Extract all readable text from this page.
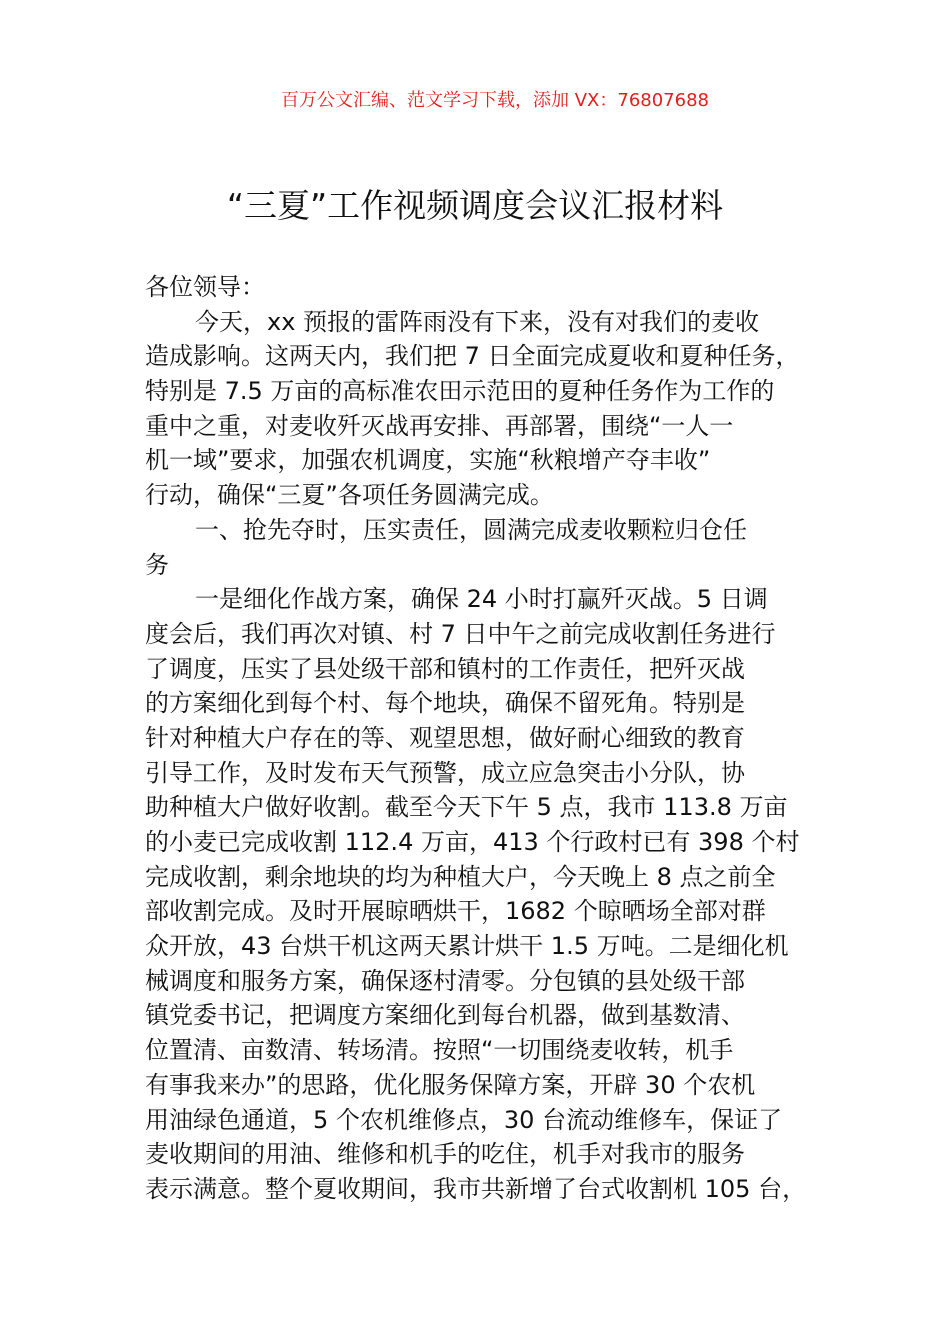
百万公文汇编、范文学习下载，添加 VX：76807688
“三夏”工作视频调度会议汇报材料
各位领导：
今天，xx 预报的雷阵雨没有下来，没有对我们的麦收
造成影响。这两天内，我们把 7 日全面完成夏收和夏种任务，
特别是 7.5 万亩的高标准农田示范田的夏种任务作为工作的
重中之重，对麦收歼灭战再安排、再部署，围绕“一人一
机一域”要求，加强农机调度，实施“秋粮增产夺丰收”
行动，确保“三夏”各项任务圆满完成。
一、抢先夺时，压实责任，圆满完成麦收颗粒归仓任
务
一是细化作战方案，确保 24 小时打赢歼灭战。5 日调
度会后，我们再次对镇、村 7 日中午之前完成收割任务进行
了调度，压实了县处级干部和镇村的工作责任，把歼灭战
的方案细化到每个村、每个地块，确保不留死角。特别是
针对种植大户存在的等、观望思想，做好耐心细致的教育
引导工作，及时发布天气预警，成立应急突击小分队，协
助种植大户做好收割。截至今天下午 5 点，我市 113.8 万亩
的小麦已完成收割 112.4 万亩，413 个行政村已有 398 个村
完成收割，剩余地块的均为种植大户，今天晚上 8 点之前全
部收割完成。及时开展晾晒烘干，1682 个晾晒场全部对群
众开放，43 台烘干机这两天累计烘干 1.5 万吨。二是细化机
械调度和服务方案，确保逐村清零。分包镇的县处级干部
镇党委书记，把调度方案细化到每台机器，做到基数清、
位置清、亩数清、转场清。按照“一切围绕麦收转，机手
有事我来办”的思路，优化服务保障方案，开辟 30 个农机
用油绿色通道，5 个农机维修点，30 台流动维修车，保证了
麦收期间的用油、维修和机手的吃住，机手对我市的服务
表示满意。整个夏收期间，我市共新增了台式收割机 105 台，
